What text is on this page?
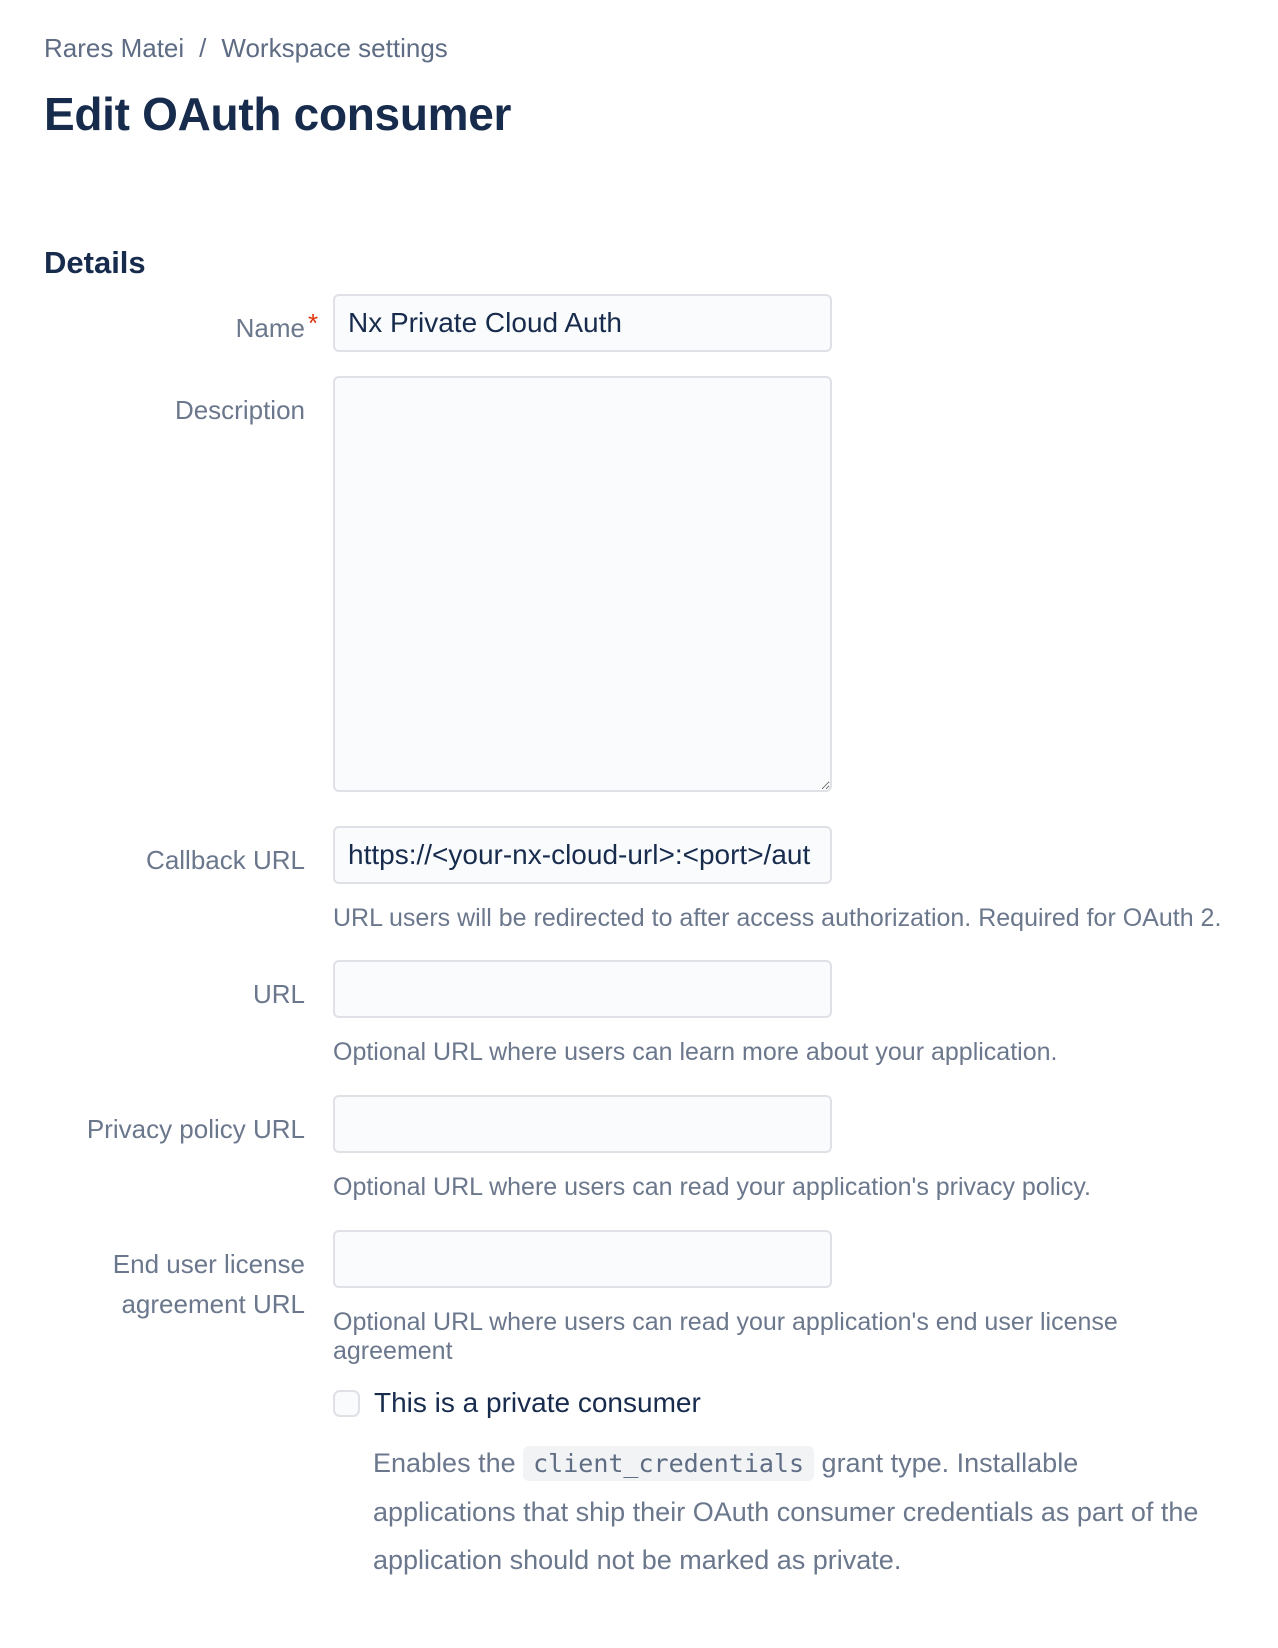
Rares Matei / Workspace settings
Edit OAuth consumer
Details
Name *
Nx Private Cloud Auth
Description
Callback URL
https://<your-nx-cloud-url>:<port>/aut
URL users will be redirected to after access authorization. Required for OAuth 2.
URL
Optional URL where users can learn more about your application.
Privacy policy URL
Optional URL where users can read your application's privacy policy.
End user license agreement URL
Optional URL where users can read your application's end user license agreement
This is a private consumer
Enables the client_credentials grant type. Installable applications that ship their OAuth consumer credentials as part of the application should not be marked as private.
